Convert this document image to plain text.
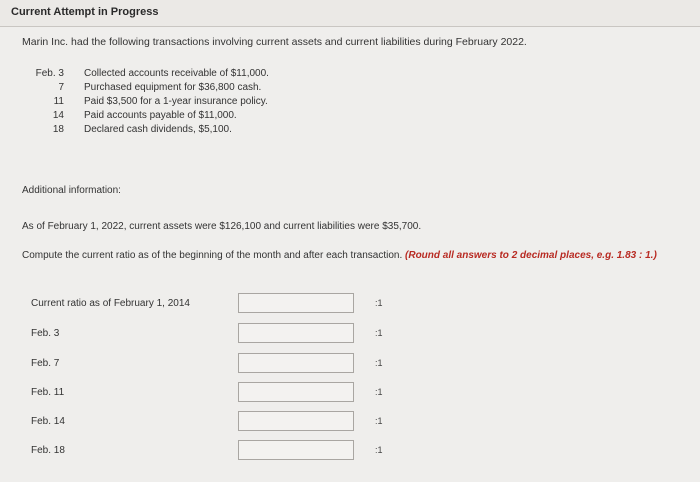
Current Attempt in Progress
Marin Inc. had the following transactions involving current assets and current liabilities during February 2022.
Feb. 3 Collected accounts receivable of $11,000.
7 Purchased equipment for $36,800 cash.
11 Paid $3,500 for a 1-year insurance policy.
14 Paid accounts payable of $11,000.
18 Declared cash dividends, $5,100.
Additional information:
As of February 1, 2022, current assets were $126,100 and current liabilities were $35,700.
Compute the current ratio as of the beginning of the month and after each transaction. (Round all answers to 2 decimal places, e.g. 1.83 : 1.)
Current ratio as of February 1, 2014	:1
Feb. 3	:1
Feb. 7	:1
Feb. 11	:1
Feb. 14	:1
Feb. 18	:1
